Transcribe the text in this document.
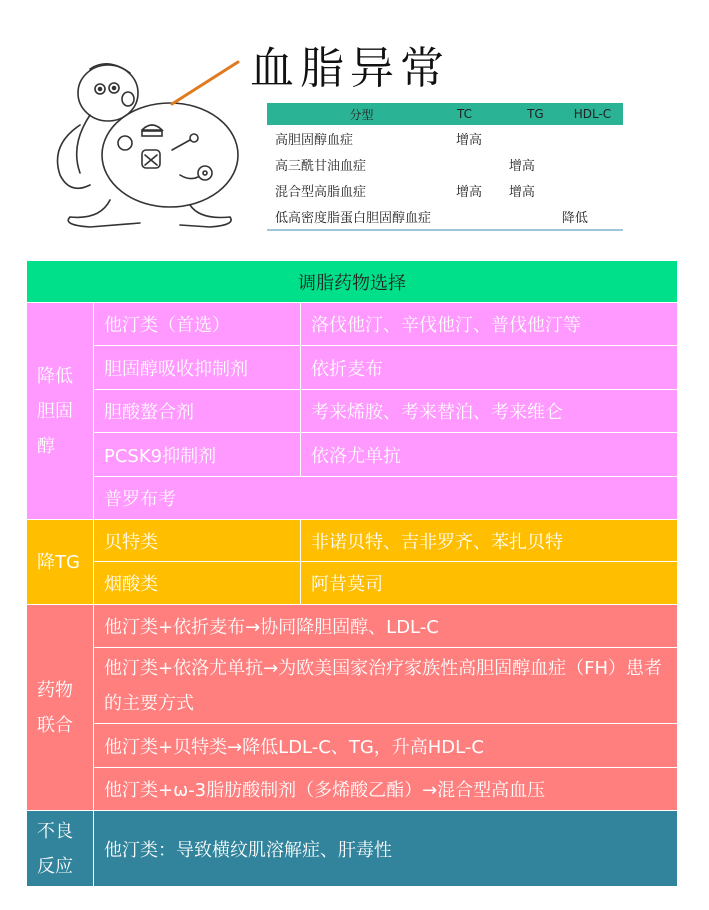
血脂异常
分型	TC	TG	HDL-C
高胆固醇血症	增高		
高三酰甘油血症		增高	
混合型高脂血症	增高	增高	
低高密度脂蛋白胆固醇血症			降低
调脂药物选择		
降低胆固醇	他汀类（首选）	洛伐他汀、辛伐他汀、普伐他汀等
	胆固醇吸收抑制剂	依折麦布
	胆酸螯合剂	考来烯胺、考来替泊、考来维仑
	PCSK9抑制剂	依洛尤单抗
	普罗布考	
降TG	贝特类	非诺贝特、吉非罗齐、苯扎贝特
	烟酸类	阿昔莫司
药物联合	他汀类+依折麦布→协同降胆固醇、LDL-C	
	他汀类+依洛尤单抗→为欧美国家治疗家族性高胆固醇血症（FH）患者的主要方式	
	他汀类+贝特类→降低LDL-C、TG，升高HDL-C	
	他汀类+ω-3脂肪酸制剂（多烯酸乙酯）→混合型高血压	
不良反应	他汀类：导致横纹肌溶解症、肝毒性	
